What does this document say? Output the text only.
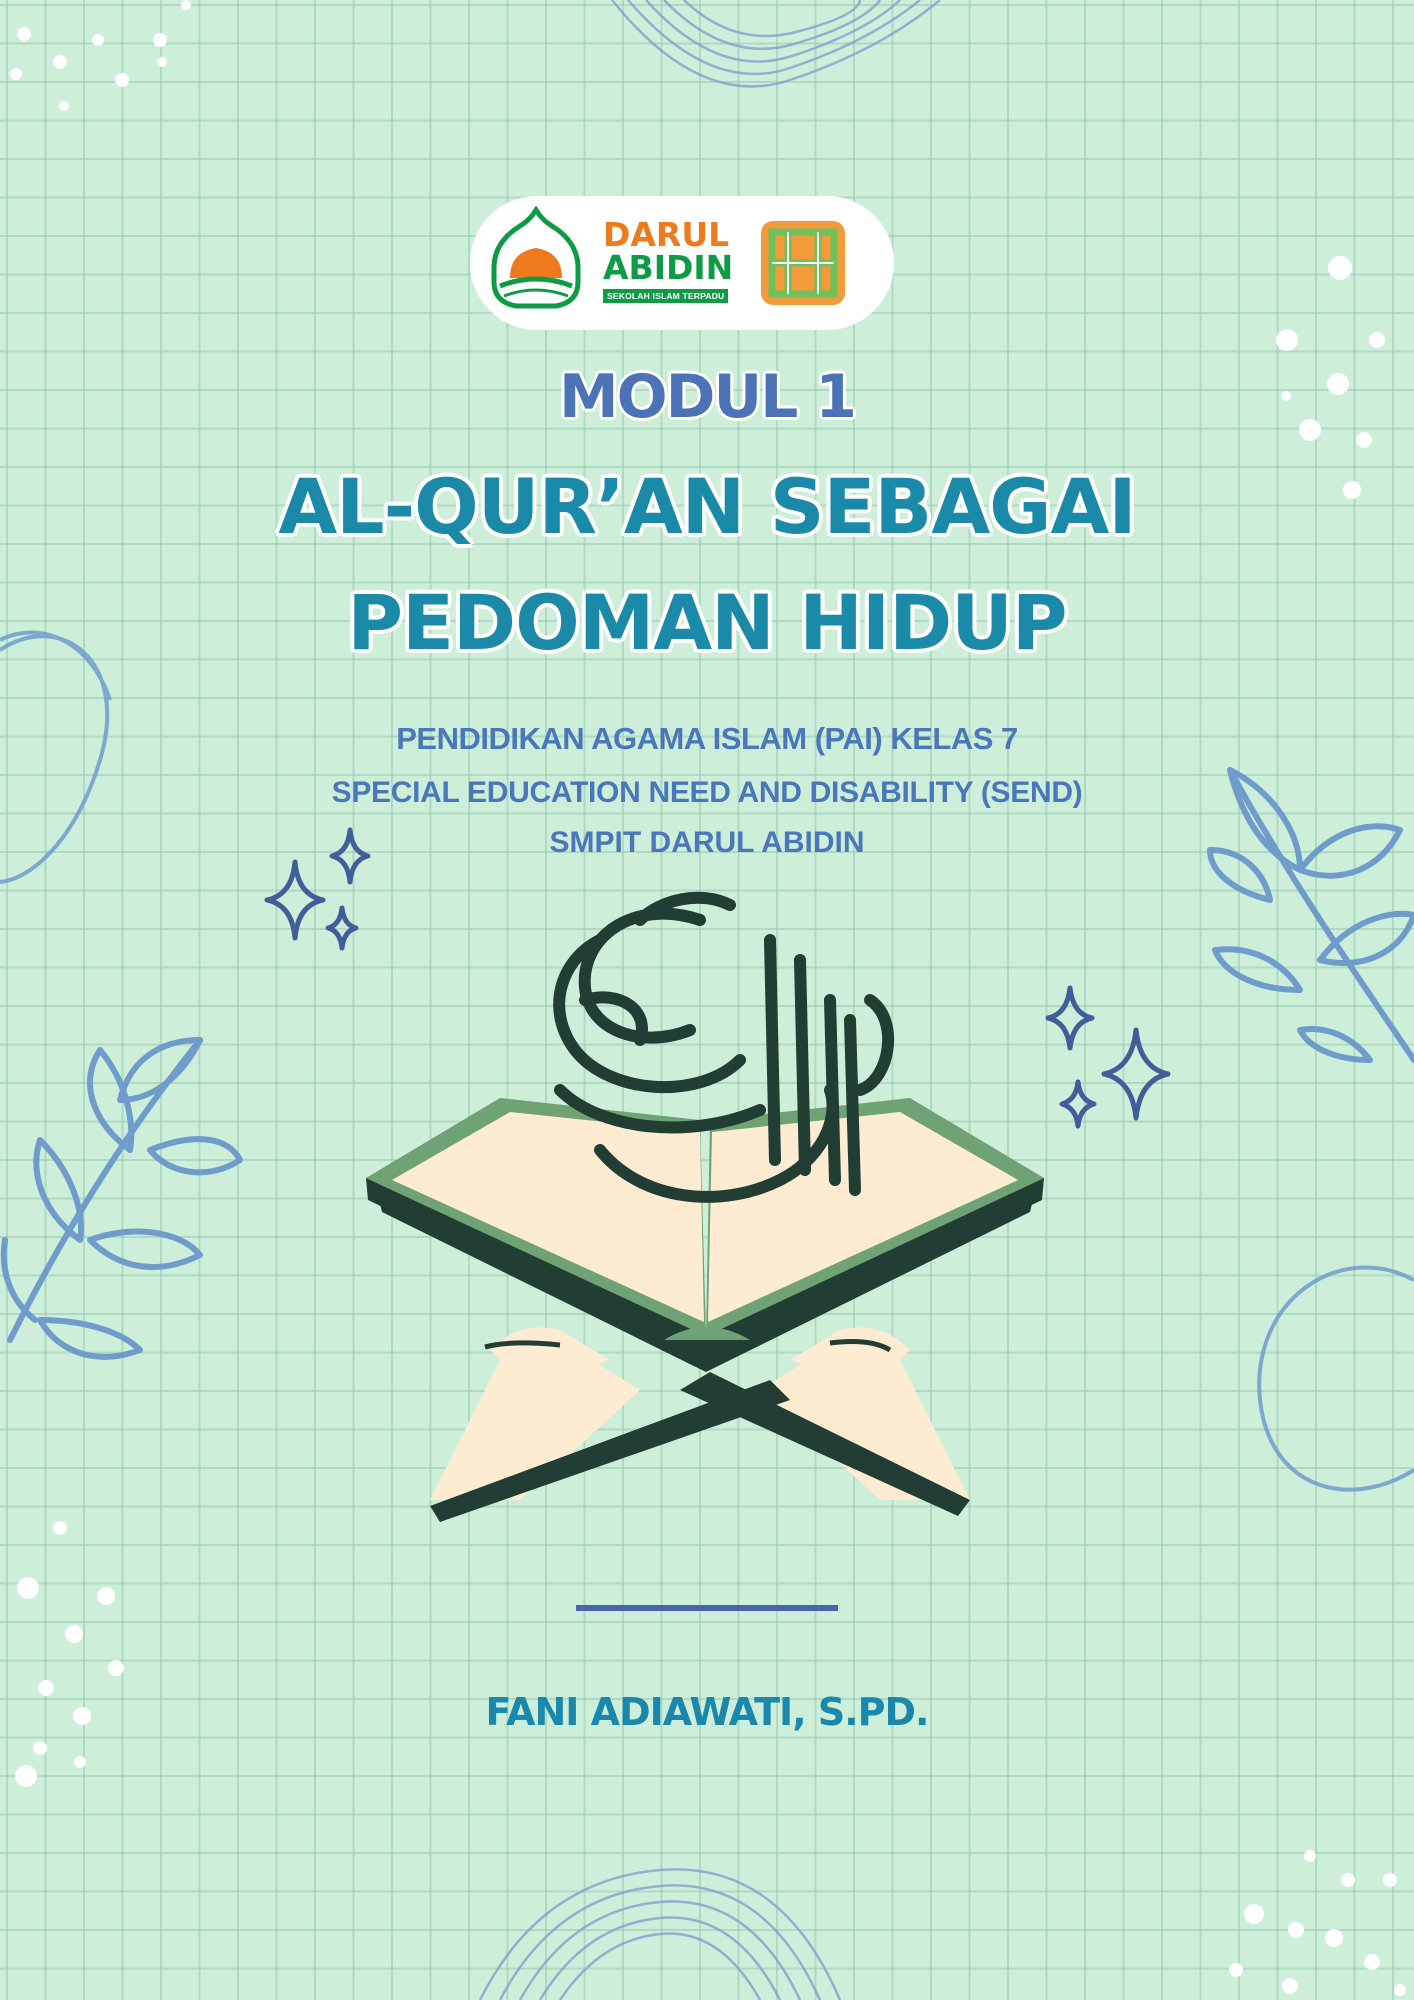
DARUL
ABIDIN
SEKOLAH ISLAM TERPADU
MODUL 1
AL-QUR’AN SEBAGAI
PEDOMAN HIDUP
PENDIDIKAN AGAMA ISLAM (PAI) KELAS 7
SPECIAL EDUCATION NEED AND DISABILITY (SEND)
SMPIT DARUL ABIDIN
FANI ADIAWATI, S.PD.
